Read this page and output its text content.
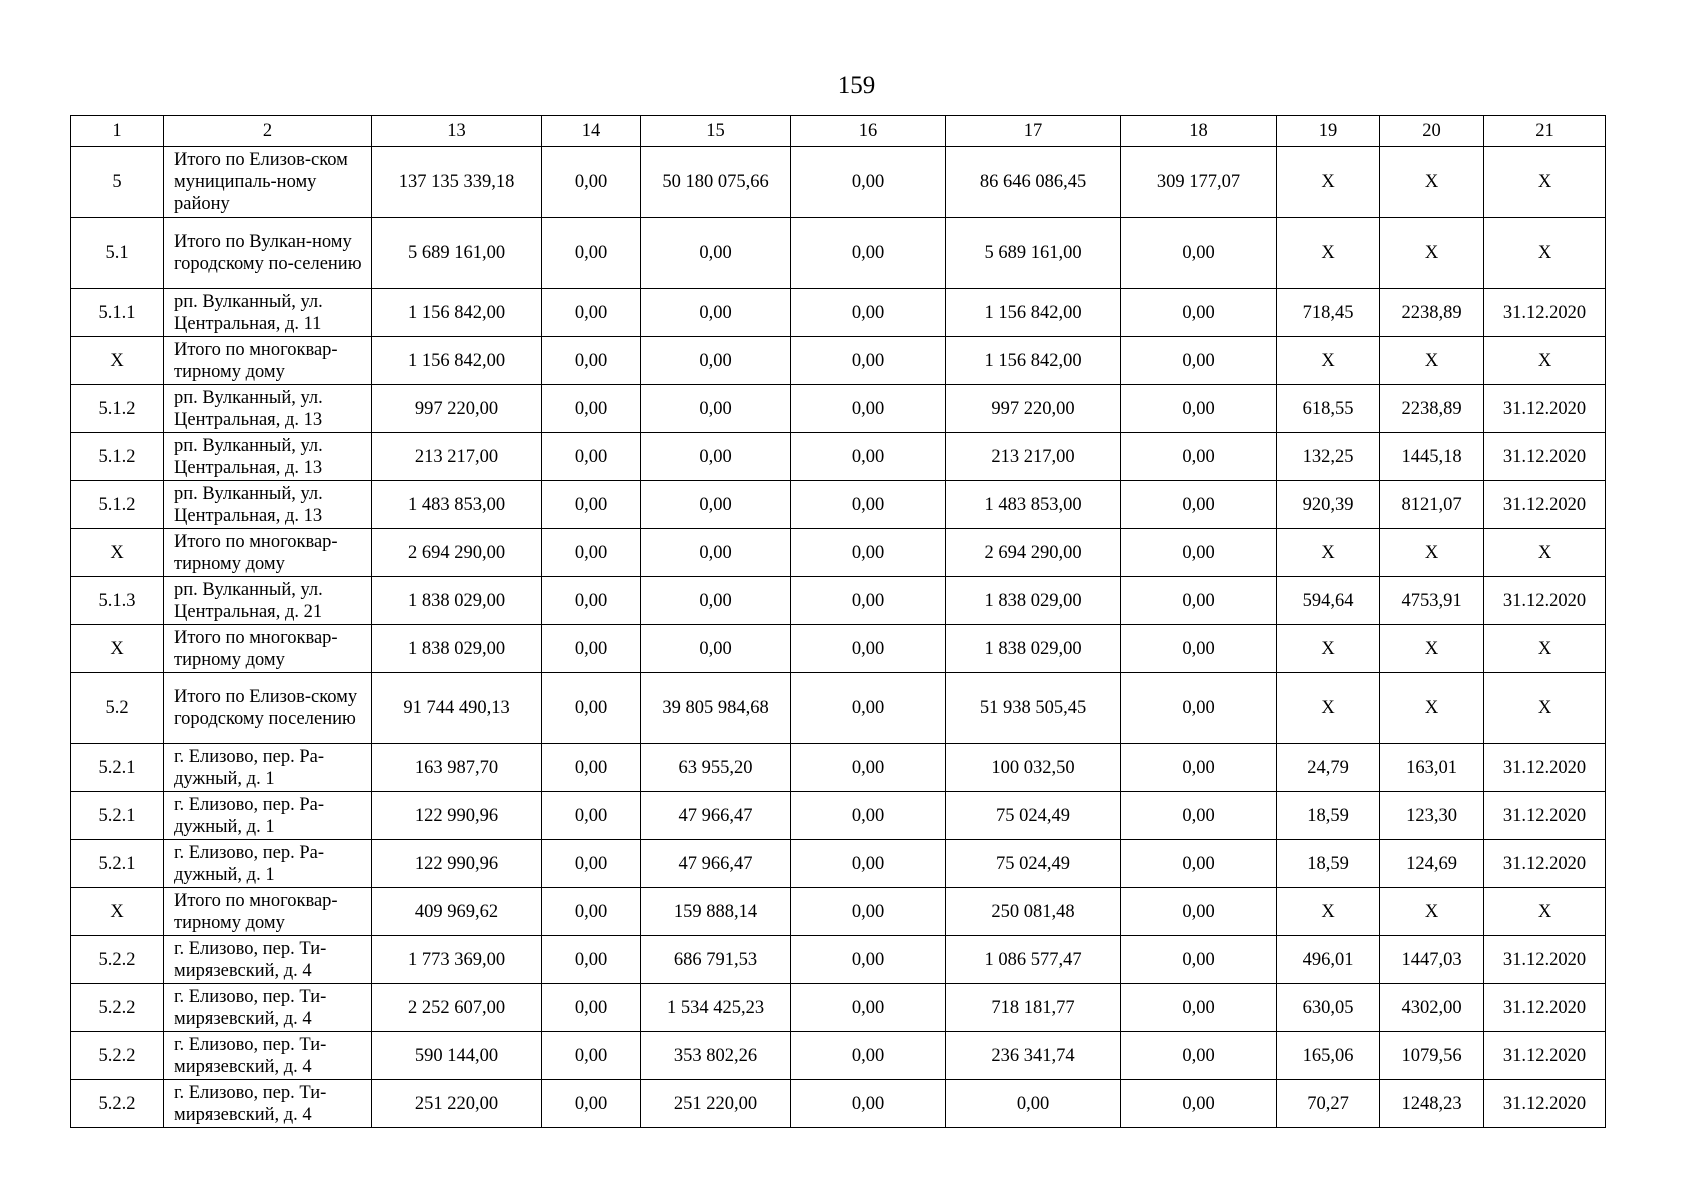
159
1	2	13	14	15	16	17	18	19	20	21
5	Итого по Елизов-ском муниципаль-ному району	137 135 339,18	0,00	50 180 075,66	0,00	86 646 086,45	309 177,07	Х	Х	Х
5.1	Итого по Вулкан-ному городскому по-селению	5 689 161,00	0,00	0,00	0,00	5 689 161,00	0,00	Х	Х	Х
5.1.1	рп. Вулканный, ул. Центральная, д. 11	1 156 842,00	0,00	0,00	0,00	1 156 842,00	0,00	718,45	2238,89	31.12.2020
Х	Итого по многоквар-тирному дому	1 156 842,00	0,00	0,00	0,00	1 156 842,00	0,00	Х	Х	Х
5.1.2	рп. Вулканный, ул. Центральная, д. 13	997 220,00	0,00	0,00	0,00	997 220,00	0,00	618,55	2238,89	31.12.2020
5.1.2	рп. Вулканный, ул. Центральная, д. 13	213 217,00	0,00	0,00	0,00	213 217,00	0,00	132,25	1445,18	31.12.2020
5.1.2	рп. Вулканный, ул. Центральная, д. 13	1 483 853,00	0,00	0,00	0,00	1 483 853,00	0,00	920,39	8121,07	31.12.2020
Х	Итого по многоквар-тирному дому	2 694 290,00	0,00	0,00	0,00	2 694 290,00	0,00	Х	Х	Х
5.1.3	рп. Вулканный, ул. Центральная, д. 21	1 838 029,00	0,00	0,00	0,00	1 838 029,00	0,00	594,64	4753,91	31.12.2020
Х	Итого по многоквар-тирному дому	1 838 029,00	0,00	0,00	0,00	1 838 029,00	0,00	Х	Х	Х
5.2	Итого по Елизов-скому городскому поселению	91 744 490,13	0,00	39 805 984,68	0,00	51 938 505,45	0,00	Х	Х	Х
5.2.1	г. Елизово, пер. Ра-дужный, д. 1	163 987,70	0,00	63 955,20	0,00	100 032,50	0,00	24,79	163,01	31.12.2020
5.2.1	г. Елизово, пер. Ра-дужный, д. 1	122 990,96	0,00	47 966,47	0,00	75 024,49	0,00	18,59	123,30	31.12.2020
5.2.1	г. Елизово, пер. Ра-дужный, д. 1	122 990,96	0,00	47 966,47	0,00	75 024,49	0,00	18,59	124,69	31.12.2020
Х	Итого по многоквар-тирному дому	409 969,62	0,00	159 888,14	0,00	250 081,48	0,00	Х	Х	Х
5.2.2	г. Елизово, пер. Ти-мирязевский, д. 4	1 773 369,00	0,00	686 791,53	0,00	1 086 577,47	0,00	496,01	1447,03	31.12.2020
5.2.2	г. Елизово, пер. Ти-мирязевский, д. 4	2 252 607,00	0,00	1 534 425,23	0,00	718 181,77	0,00	630,05	4302,00	31.12.2020
5.2.2	г. Елизово, пер. Ти-мирязевский, д. 4	590 144,00	0,00	353 802,26	0,00	236 341,74	0,00	165,06	1079,56	31.12.2020
5.2.2	г. Елизово, пер. Ти-мирязевский, д. 4	251 220,00	0,00	251 220,00	0,00	0,00	0,00	70,27	1248,23	31.12.2020
